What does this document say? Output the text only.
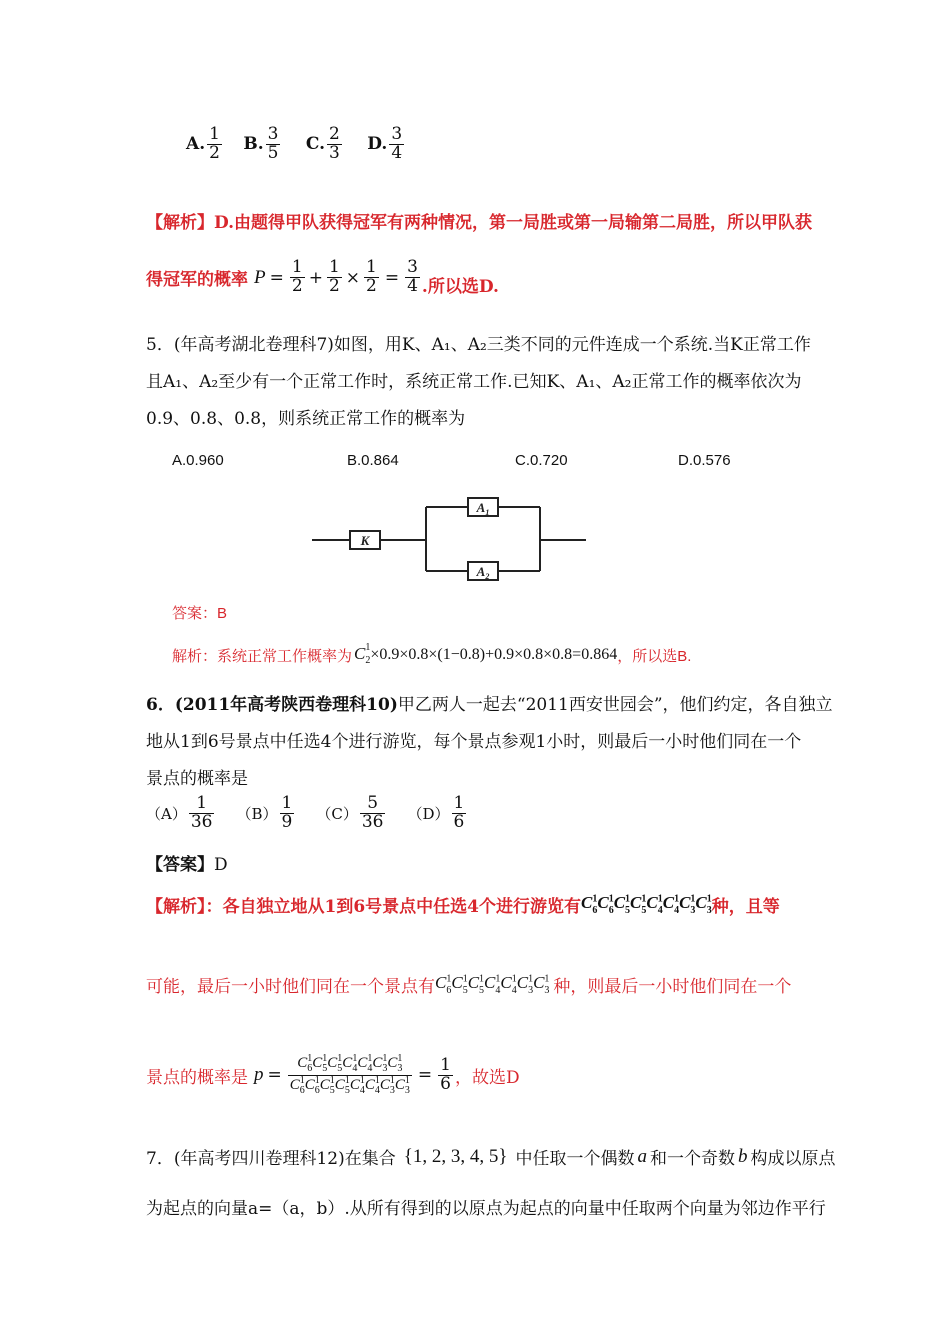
A. $\frac{1}{2}$
B. $\frac{3}{5}$
C. $\frac{2}{3}$
D. $\frac{3}{4}$
【解析】D.由题得甲队获得冠军有两种情况，第一局胜或第一局输第二局胜，所以甲队获
得冠军的概率 $P = \frac{1}{2} + \frac{1}{2} \times \frac{1}{2} = \frac{3}{4}$ .所以选D.
5．(年高考湖北卷理科7)如图，用K、A₁、A₂三类不同的元件连成一个系统.当K正常工作
且A₁、A₂至少有一个正常工作时，系统正常工作.已知K、A₁、A₂正常工作的概率依次为
0.9、0.8、0.8，则系统正常工作的概率为
A.0.960	B.0.864	C.0.720	D.0.576
K
$A_1$
$A_2$
答案：B
解析：系统正常工作概率为 $C^1_2 \times 0.9\times 0.8\times(1-0.8)+0.9\times 0.8\times 0.8=0.864$ ，所以选B.
6．(2011年高考陕西卷理科10)甲乙两人一起去“2011西安世园会”，他们约定，各自独立
地从1到6号景点中任选4个进行游览，每个景点参观1小时，则最后一小时他们同在一个
景点的概率是
$(A) \frac{1}{36} (B) \frac{1}{9} (C) \frac{5}{36} (D) \frac{1}{6}$
【答案】D
【解析】： 各自独立地从1到6号景点中任选4个进行游览有 $C^1_6C^1_6C^1_5C^1_5C^1_4C^1_4C^1_3C^1_3$ 种，且等
可能，最后一小时他们同在一个景点有 $C^1_6C^1_5C^1_5C^1_4C^1_4C^1_3C^1_3$ 种，则最后一小时他们同在一个
景点的概率是 $p = \frac{C^1_6C^1_5C^1_5C^1_4C^1_4C^1_3C^1_3}{C^1_6C^1_6C^1_5C^1_5C^1_4C^1_4C^1_3C^1_3} = \frac{1}{6}$ ，故选D
7．(年高考四川卷理科12)在集合 {1, 2, 3, 4, 5} 中任取一个偶数 a 和一个奇数 b 构成以原点
为起点的向量a=（a，b）.从所有得到的以原点为起点的向量中任取两个向量为邻边作平行
